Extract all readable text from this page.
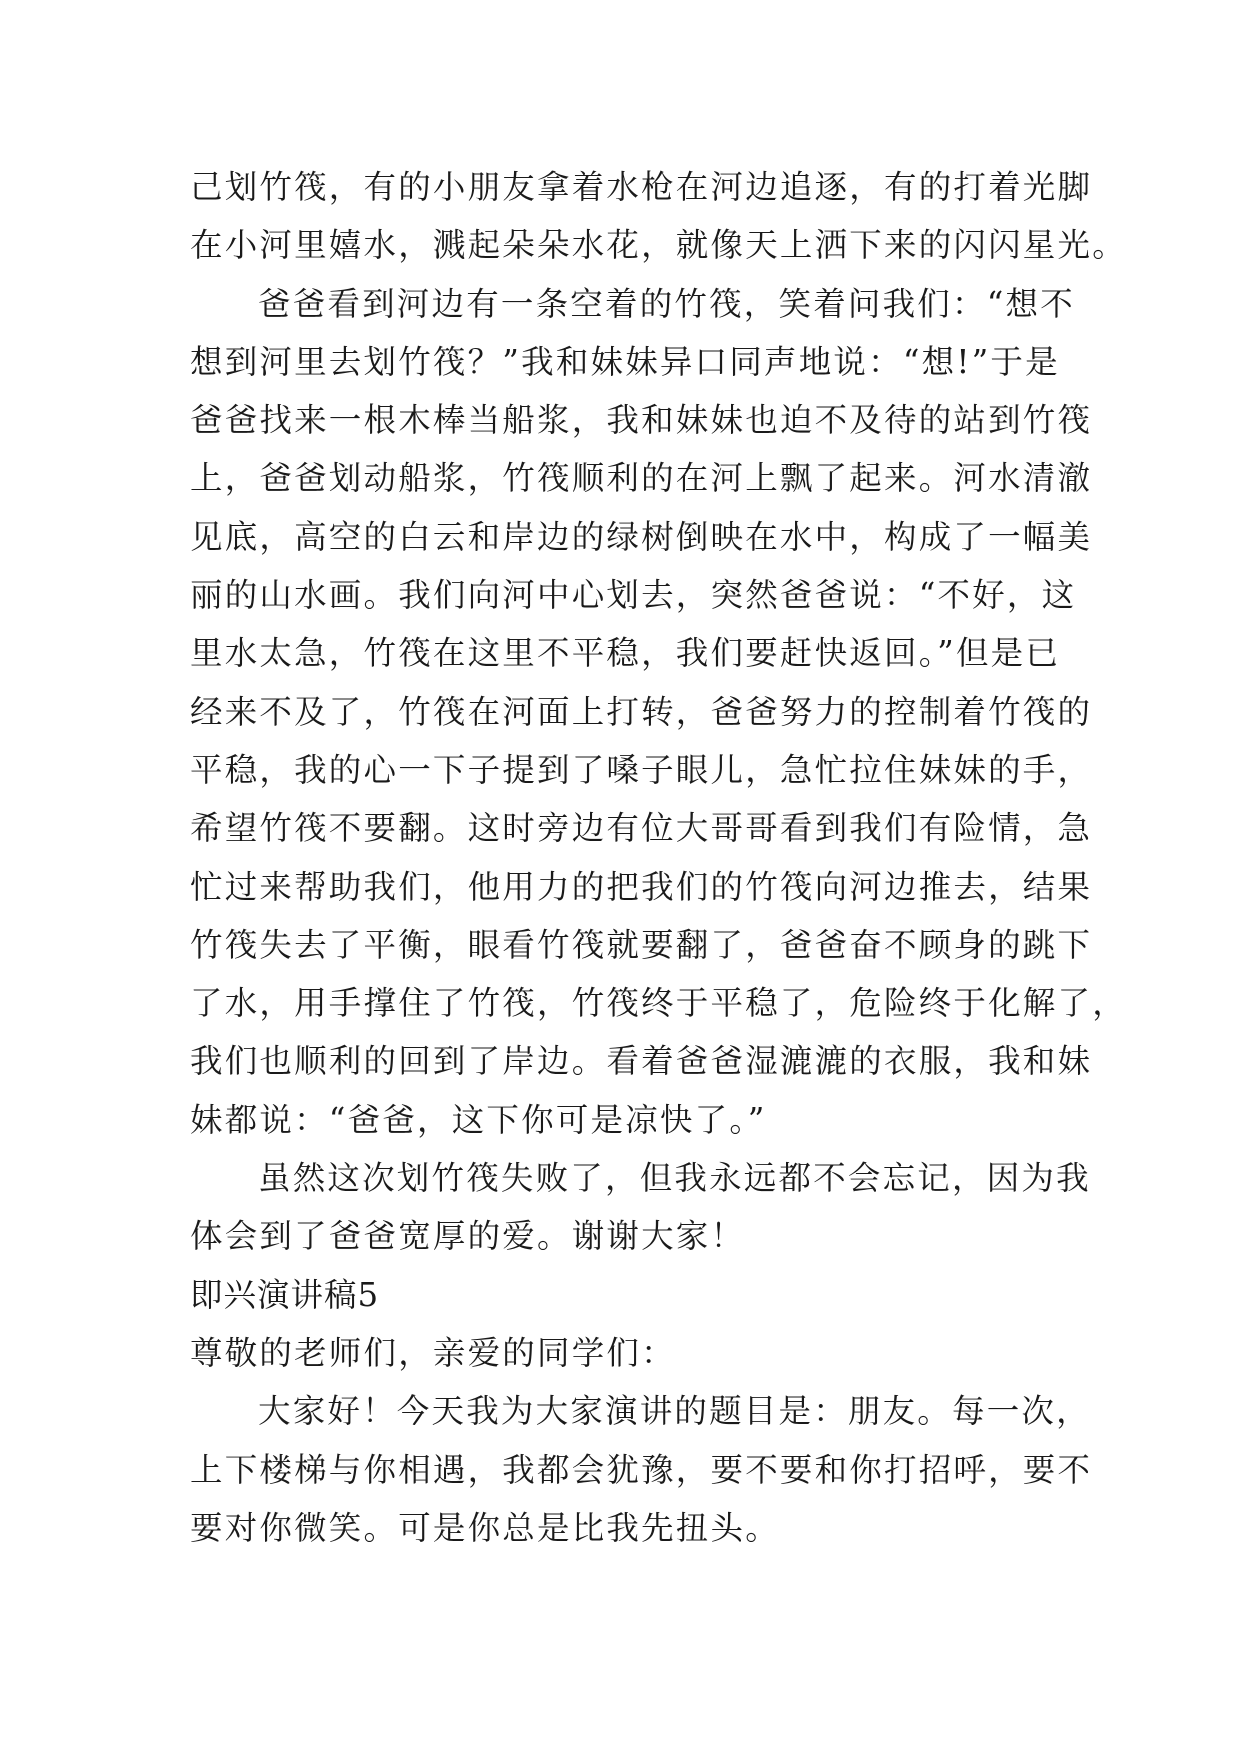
己划竹筏，有的小朋友拿着水枪在河边追逐，有的打着光脚
在小河里嬉水，溅起朵朵水花，就像天上洒下来的闪闪星光。
爸爸看到河边有一条空着的竹筏，笑着问我们：“想不
想到河里去划竹筏？”我和妹妹异口同声地说：“想!”于是
爸爸找来一根木棒当船浆，我和妹妹也迫不及待的站到竹筏
上，爸爸划动船浆，竹筏顺利的在河上飘了起来。河水清澈
见底，高空的白云和岸边的绿树倒映在水中，构成了一幅美
丽的山水画。我们向河中心划去，突然爸爸说：“不好，这
里水太急，竹筏在这里不平稳，我们要赶快返回。”但是已
经来不及了，竹筏在河面上打转，爸爸努力的控制着竹筏的
平稳，我的心一下子提到了嗓子眼儿，急忙拉住妹妹的手，
希望竹筏不要翻。这时旁边有位大哥哥看到我们有险情，急
忙过来帮助我们，他用力的把我们的竹筏向河边推去，结果
竹筏失去了平衡，眼看竹筏就要翻了，爸爸奋不顾身的跳下
了水，用手撑住了竹筏，竹筏终于平稳了，危险终于化解了，
我们也顺利的回到了岸边。看着爸爸湿漉漉的衣服，我和妹
妹都说：“爸爸，这下你可是凉快了。”
虽然这次划竹筏失败了，但我永远都不会忘记，因为我
体会到了爸爸宽厚的爱。谢谢大家！
即兴演讲稿5
尊敬的老师们，亲爱的同学们：
大家好！今天我为大家演讲的题目是：朋友。每一次，
上下楼梯与你相遇，我都会犹豫，要不要和你打招呼，要不
要对你微笑。可是你总是比我先扭头。
